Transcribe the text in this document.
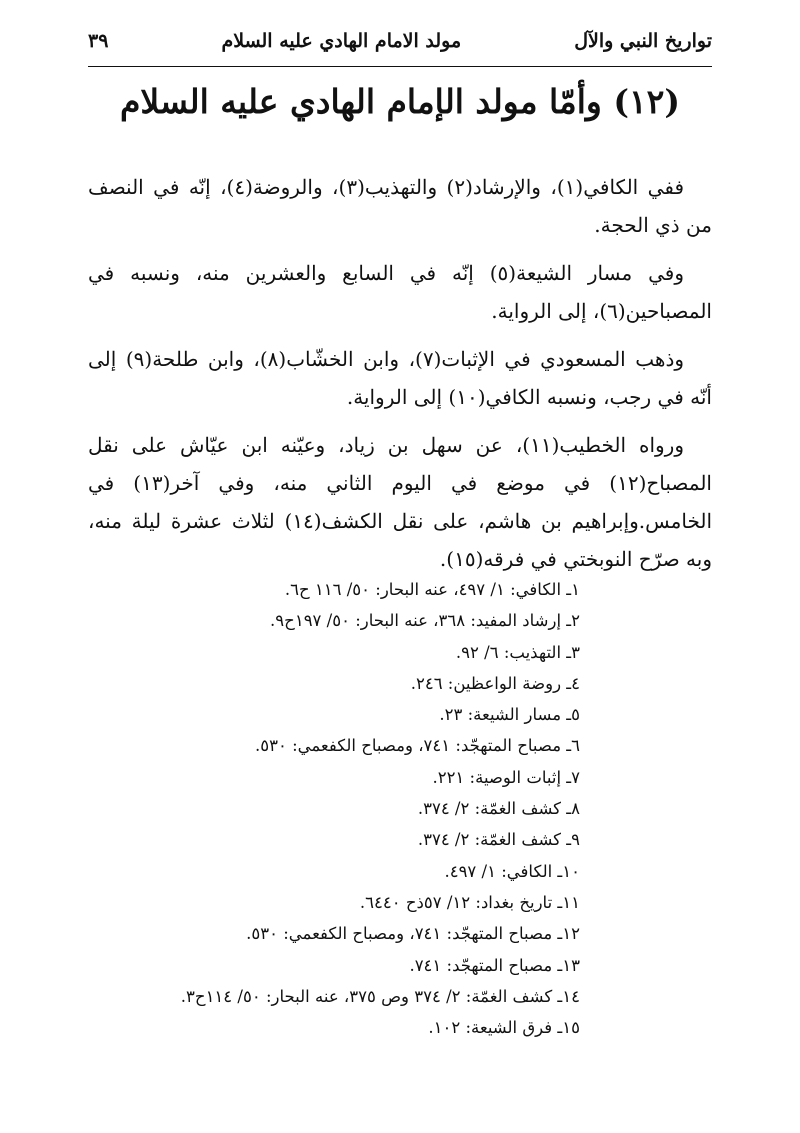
تواريخ النبي والآل
مولد الامام الهادي عليه السلام
٣٩
(١٢) وأمّا مولد الإمام الهادي عليه السلام

ففي الكافي(١)، والإرشاد(٢) والتهذيب(٣)، والروضة(٤)، إنّه في النصف من ذي الحجة.

وفي مسار الشيعة(٥) إنّه في السابع والعشرين منه، ونسبه في المصباحين(٦)، إلى الرواية.

وذهب المسعودي في الإثبات(٧)، وابن الخشّاب(٨)، وابن طلحة(٩) إلى أنّه في رجب، ونسبه الكافي(١٠) إلى الرواية.

ورواه الخطيب(١١)، عن سهل بن زياد، وعيّنه ابن عيّاش على نقل المصباح(١٢) في موضع في اليوم الثاني منه، وفي آخر(١٣) في الخامس.وإبراهيم بن هاشم، على نقل الكشف(١٤) لثلاث عشرة ليلة منه، وبه صرّح النوبختي في فرقه(١٥).

١ـ الكافي: ١/ ٤٩٧، عنه البحار: ٥٠/ ١١٦ ح٦.
٢ـ إرشاد المفيد: ٣٦٨، عنه البحار: ٥٠/ ١٩٧ح٩.
٣ـ التهذيب: ٦/ ٩٢.
٤ـ روضة الواعظين: ٢٤٦.
٥ـ مسار الشيعة: ٢٣.
٦ـ مصباح المتهجّد: ٧٤١، ومصباح الكفعمي: ٥٣٠.
٧ـ إثبات الوصية: ٢٢١.
٨ـ كشف الغمّة: ٢/ ٣٧٤.
٩ـ كشف الغمّة: ٢/ ٣٧٤.
١٠ـ الكافي: ١/ ٤٩٧.
١١ـ تاريخ بغداد: ١٢/ ٥٧ذح ٦٤٤٠.
١٢ـ مصباح المتهجّد: ٧٤١، ومصباح الكفعمي: ٥٣٠.
١٣ـ مصباح المتهجّد: ٧٤١.
١٤ـ كشف الغمّة: ٢/ ٣٧٤ وص ٣٧٥، عنه البحار: ٥٠/ ١١٤ح٣.
١٥ـ فرق الشيعة: ١٠٢.
